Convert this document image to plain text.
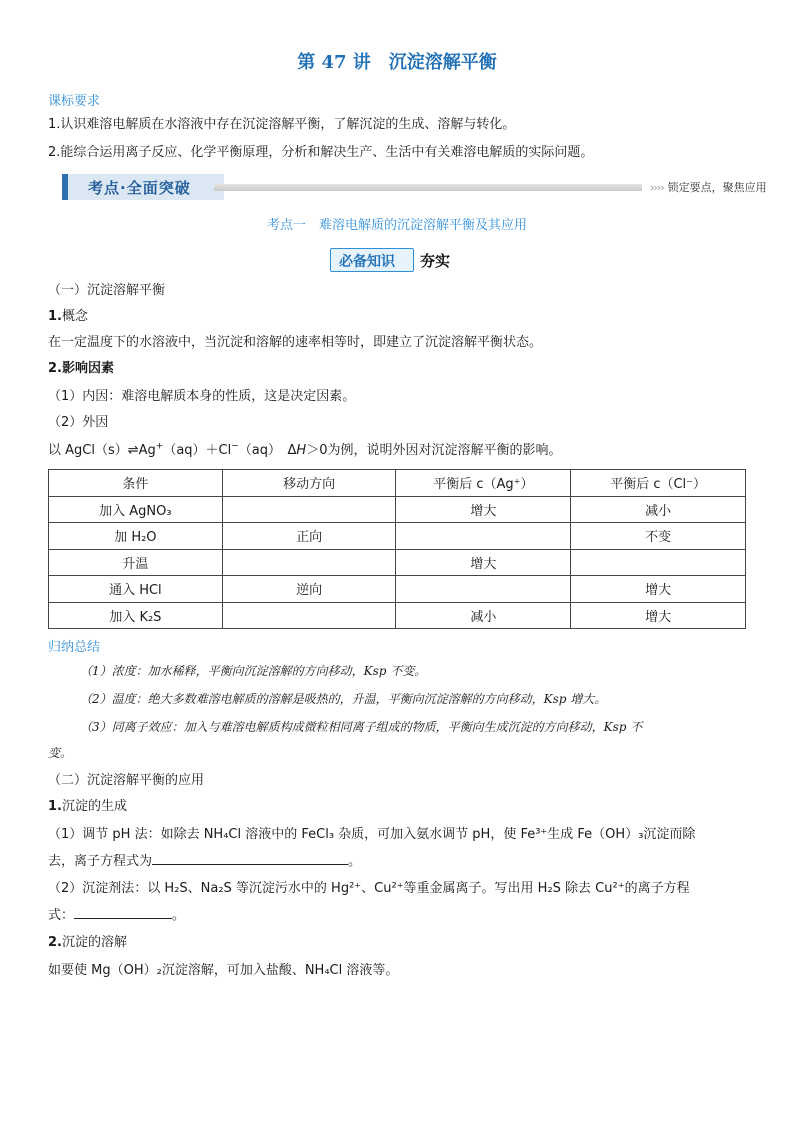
第 47 讲　沉淀溶解平衡
课标要求
1.认识难溶电解质在水溶液中存在沉淀溶解平衡，了解沉淀的生成、溶解与转化。
2.能综合运用离子反应、化学平衡原理，分析和解决生产、生活中有关难溶电解质的实际问题。
考点·全面突破	›››› 锁定要点，聚焦应用
考点一　难溶电解质的沉淀溶解平衡及其应用
必备知识 夯实
（一）沉淀溶解平衡
1.概念
在一定温度下的水溶液中，当沉淀和溶解的速率相等时，即建立了沉淀溶解平衡状态。
2.影响因素
（1）内因：难溶电解质本身的性质，这是决定因素。
（2）外因
以 AgCl（s）⇌Ag+（aq）＋Cl−（aq）　ΔH＞0为例，说明外因对沉淀溶解平衡的影响。
条件	移动方向	平衡后 c（Ag⁺）	平衡后 c（Cl⁻）
加入 AgNO₃		增大	减小
加 H₂O	正向		不变
升温		增大	
通入 HCl	逆向		增大
加入 K₂S		减小	增大
归纳总结
（1）浓度：加水稀释，平衡向沉淀溶解的方向移动，Ksp 不变。
（2）温度：绝大多数难溶电解质的溶解是吸热的，升温，平衡向沉淀溶解的方向移动，Ksp 增大。
（3）同离子效应：加入与难溶电解质构成微粒相同离子组成的物质，平衡向生成沉淀的方向移动，Ksp 不
变。
（二）沉淀溶解平衡的应用
1.沉淀的生成
（1）调节 pH 法：如除去 NH₄Cl 溶液中的 FeCl₃ 杂质，可加入氨水调节 pH，使 Fe³⁺生成 Fe（OH）₃沉淀而除
去，离子方程式为	。
（2）沉淀剂法：以 H₂S、Na₂S 等沉淀污水中的 Hg²⁺、Cu²⁺等重金属离子。写出用 H₂S 除去 Cu²⁺的离子方程
式：	。
2.沉淀的溶解
如要使 Mg（OH）₂沉淀溶解，可加入盐酸、NH₄Cl 溶液等。
